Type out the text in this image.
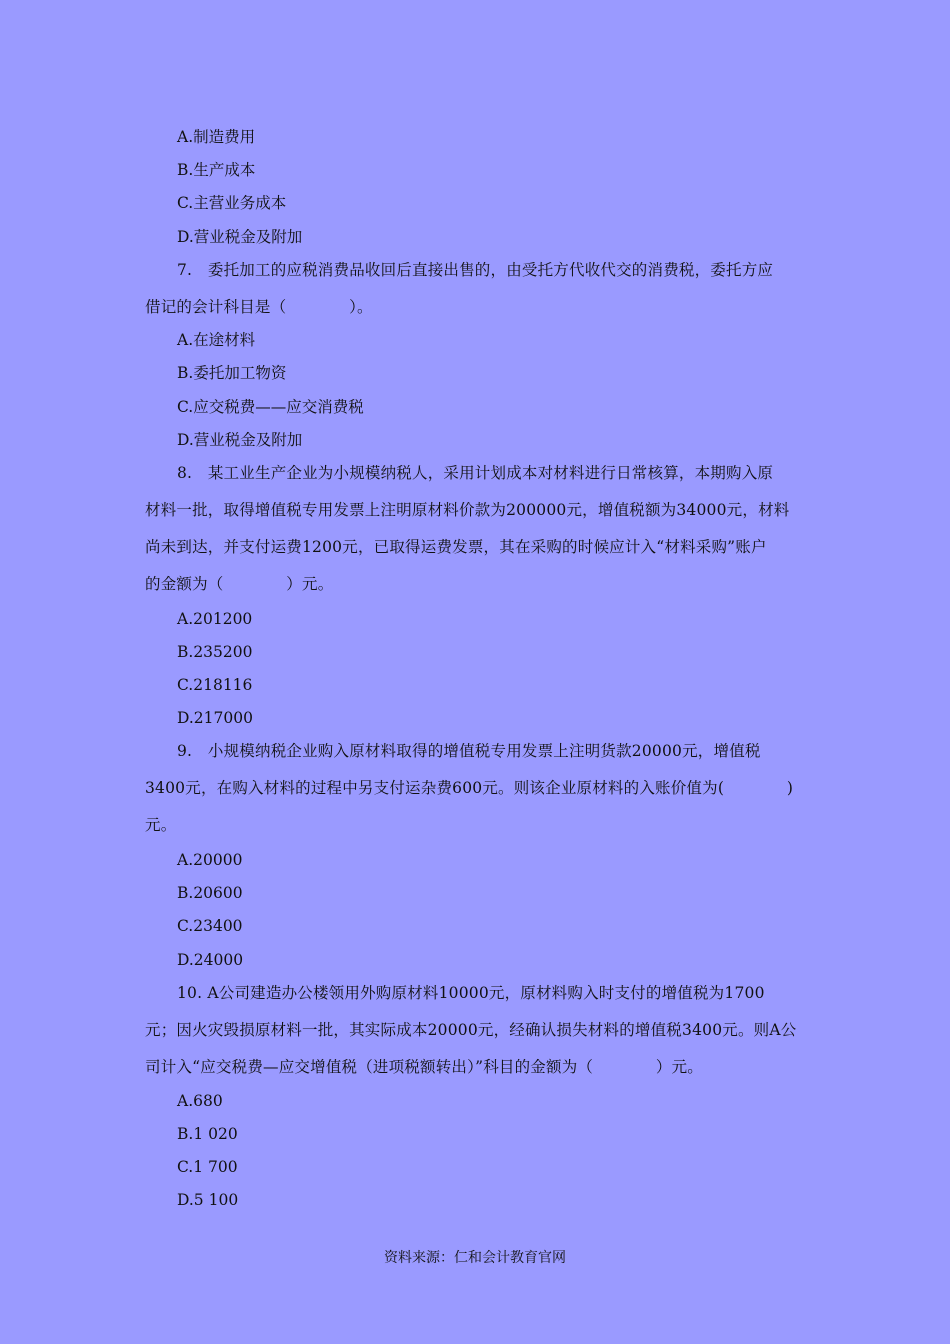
A.制造费用
B.生产成本
C.主营业务成本
D.营业税金及附加
7.　委托加工的应税消费品收回后直接出售的，由受托方代收代交的消费税，委托方应
借记的会计科目是（　　　　）。
A.在途材料
B.委托加工物资
C.应交税费——应交消费税
D.营业税金及附加
8.　某工业生产企业为小规模纳税人，采用计划成本对材料进行日常核算，本期购入原
材料一批，取得增值税专用发票上注明原材料价款为200000元，增值税额为34000元，材料
尚未到达，并支付运费1200元，已取得运费发票，其在采购的时候应计入“材料采购”账户
的金额为（　　　　）元。
A.201200
B.235200
C.218116
D.217000
9.　小规模纳税企业购入原材料取得的增值税专用发票上注明货款20000元，增值税
3400元，在购入材料的过程中另支付运杂费600元。则该企业原材料的入账价值为(　　　　)
元。
A.20000
B.20600
C.23400
D.24000
10. A公司建造办公楼领用外购原材料10000元，原材料购入时支付的增值税为1700
元；因火灾毁损原材料一批，其实际成本20000元，经确认损失材料的增值税3400元。则A公
司计入“应交税费—应交增值税（进项税额转出）”科目的金额为（　　　　）元。
A.680
B.1 020
C.1 700
D.5 100
资料来源：仁和会计教育官网
